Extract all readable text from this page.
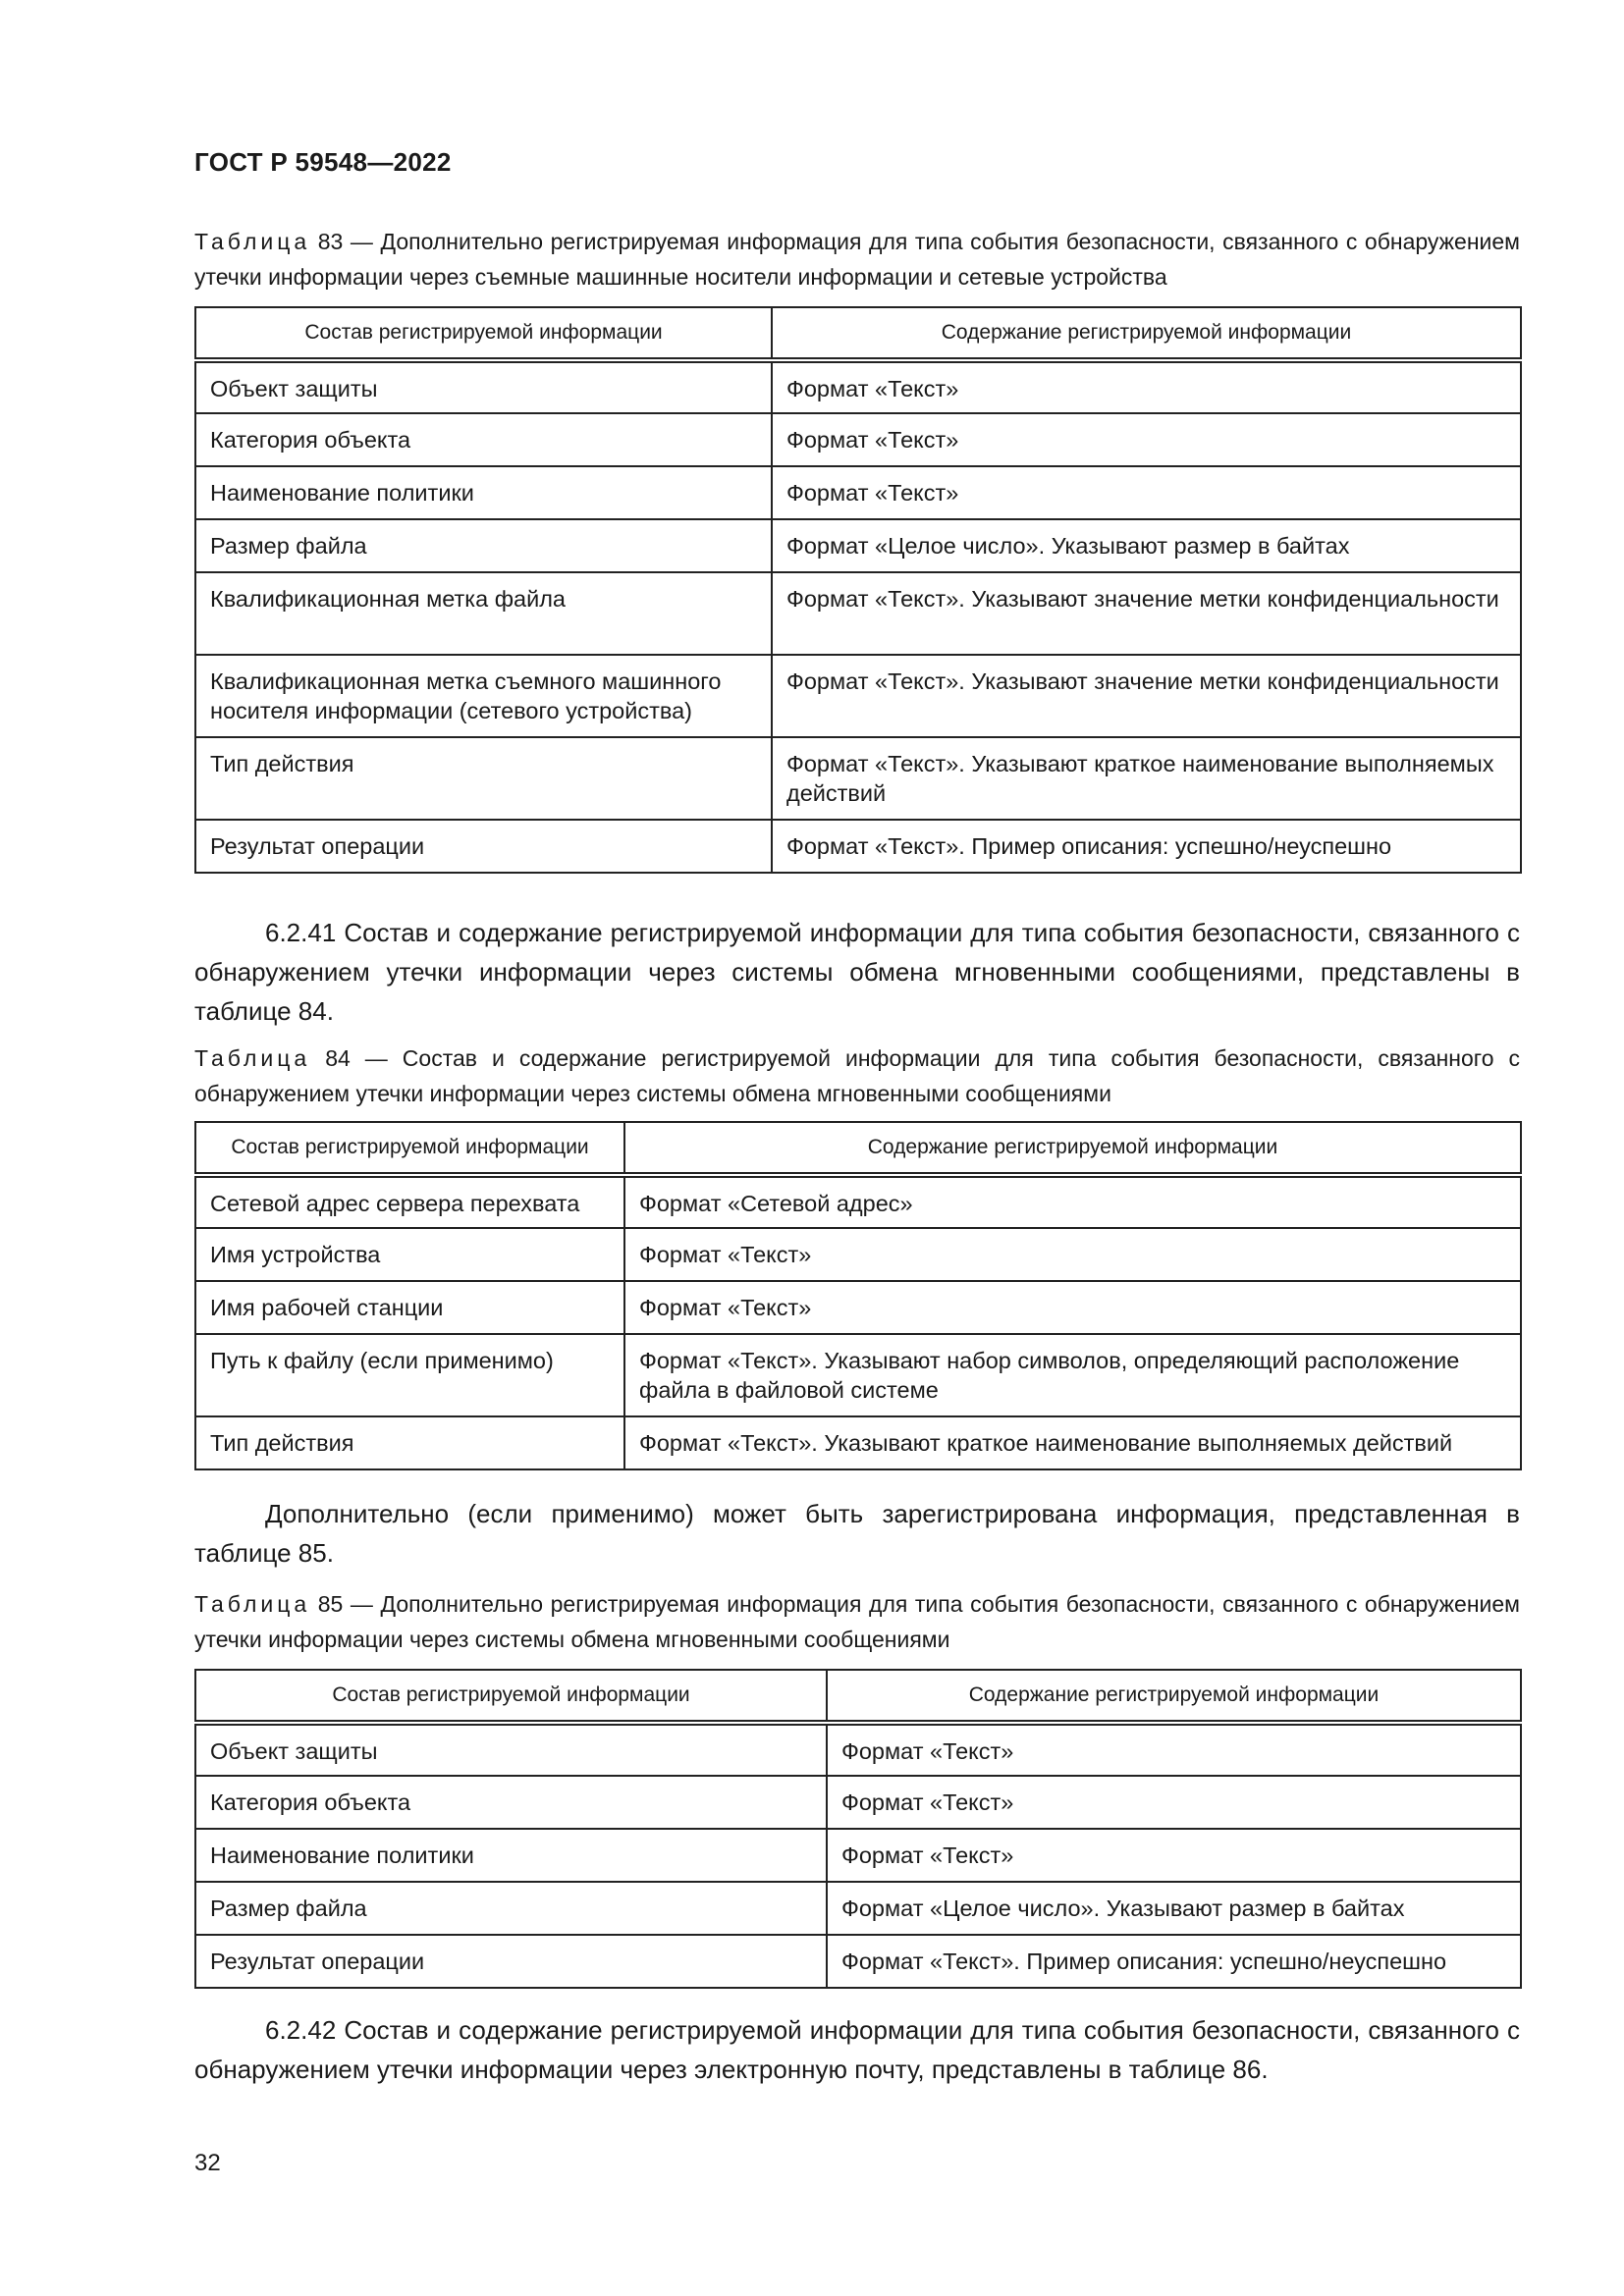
ГОСТ Р 59548—2022
Таблица 83 — Дополнительно регистрируемая информация для типа события безопасности, связанного с обнаружением утечки информации через съемные машинные носители информации и сетевые устройства
Состав регистрируемой информации	Содержание регистрируемой информации
Объект защиты	Формат «Текст»
Категория объекта	Формат «Текст»
Наименование политики	Формат «Текст»
Размер файла	Формат «Целое число». Указывают размер в байтах
Квалификационная метка файла	Формат «Текст». Указывают значение метки конфиденциальности
Квалификационная метка съемного машинного носителя информации (сетевого устройства)	Формат «Текст». Указывают значение метки конфиденциальности
Тип действия	Формат «Текст». Указывают краткое наименование выполняемых действий
Результат операции	Формат «Текст». Пример описания: успешно/неуспешно
6.2.41 Состав и содержание регистрируемой информации для типа события безопасности, связанного с обнаружением утечки информации через системы обмена мгновенными сообщениями, представлены в таблице 84.
Таблица 84 — Состав и содержание регистрируемой информации для типа события безопасности, связанного с обнаружением утечки информации через системы обмена мгновенными сообщениями
Состав регистрируемой информации	Содержание регистрируемой информации
Сетевой адрес сервера перехвата	Формат «Сетевой адрес»
Имя устройства	Формат «Текст»
Имя рабочей станции	Формат «Текст»
Путь к файлу (если применимо)	Формат «Текст». Указывают набор символов, определяющий расположение файла в файловой системе
Тип действия	Формат «Текст». Указывают краткое наименование выполняемых действий
Дополнительно (если применимо) может быть зарегистрирована информация, представленная в таблице 85.
Таблица 85 — Дополнительно регистрируемая информация для типа события безопасности, связанного с обнаружением утечки информации через системы обмена мгновенными сообщениями
Состав регистрируемой информации	Содержание регистрируемой информации
Объект защиты	Формат «Текст»
Категория объекта	Формат «Текст»
Наименование политики	Формат «Текст»
Размер файла	Формат «Целое число». Указывают размер в байтах
Результат операции	Формат «Текст». Пример описания: успешно/неуспешно
6.2.42 Состав и содержание регистрируемой информации для типа события безопасности, связанного с обнаружением утечки информации через электронную почту, представлены в таблице 86.
32
